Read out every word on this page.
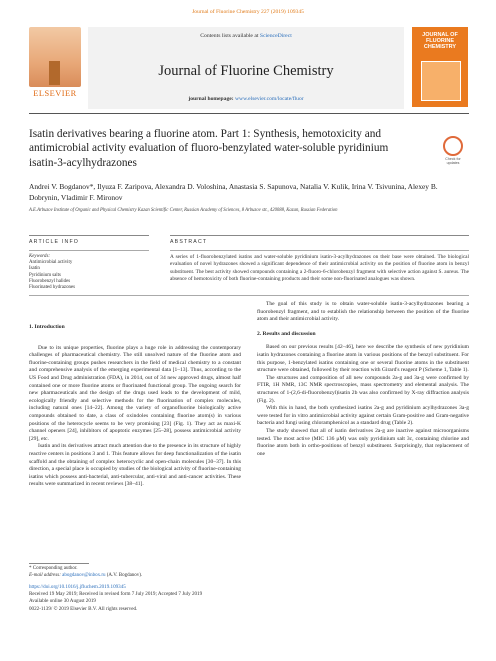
Journal of Fluorine Chemistry 227 (2019) 109345
ELSEVIER
Contents lists available at ScienceDirect
Journal of Fluorine Chemistry
journal homepage: www.elsevier.com/locate/fluor
JOURNAL OF FLUORINE CHEMISTRY
Isatin derivatives bearing a fluorine atom. Part 1: Synthesis, hemotoxicity and antimicrobial activity evaluation of fluoro-benzylated water-soluble pyridinium isatin-3-acylhydrazones	Check for updates
Andrei V. Bogdanov*, Ilyuza F. Zaripova, Alexandra D. Voloshina, Anastasia S. Sapunova, Natalia V. Kulik, Irina V. Tsivunina, Alexey B. Dobrynin, Vladimir F. Mironov
A.E.Arbuzov Institute of Organic and Physical Chemistry Kazan Scientific Center, Russian Academy of Sciences, 8 Arbuzov str., 420088, Kazan, Russian Federation
ARTICLE INFO	ABSTRACT
Keywords:
Antimicrobial activity
Isatin
Pyridinium salts
Fluorobenzyl halides
Fluorinated hydrazones
A series of 1-fluorobenzylated isatins and water-soluble pyridinium isatin-3-acylhydrazones on their base were obtained. The biological evaluation of novel hydrazones showed a significant dependence of their antimicrobial activity on the position of fluorine atom in benzyl substituent. The best activity showed compounds containing a 2-fluoro-6-chlorobenzyl fragment with selective action against S. aureus. The absence of hemotoxicity of both fluorine-containing products and their some non-fluorinated analogues was shown.

1. Introduction

Due to its unique properties, fluorine plays a huge role in addressing the contemporary challenges of pharmaceutical chemistry. The still unsolved nature of the fluorine atom and fluorine-containing groups pushes researchers in the field of medical chemistry to a constant and comprehensive analysis of the emerging experimental data [1–13]. Thus, according to the US Food and Drug administration (FDA), in 2014, out of 34 new approved drugs, almost half contained one or more fluorine atoms or fluorinated functional group. The ongoing search for new pharmaceuticals and the design of the drugs used leads to the development of mild, ecologically friendly and selective methods for the fluorination of complex molecules, including natural ones [14–22]. Among the variety of organofluorine biologically active compounds obtained to date, a class of oxindoles containing fluorine atom(s) in various positions of the heterocycle seems to be very promising [23] (Fig. 1). They act as maxi-K channel openers [24], inhibitors of apoptotic enzymes [25–28], possess antimicrobial activity [29], etc.

Isatin and its derivatives attract much attention due to the presence in its structure of highly reactive centers in positions 3 and 1. This feature allows for deep functionalization of the isatin scaffold and the obtaining of complex heterocyclic and open-chain molecules [30–37]. In this direction, a special place is occupied by studies of the biological activity of fluorine-containing isatins which possess anti-bacterial, anti-tubercular, anti-viral and anti-cancer activities. These results were summarized in recent reviews [38–41].

The goal of this study is to obtain water-soluble isatin-3-acylhydrazones bearing a fluorobenzyl fragment, and to establish the relationship between the position of the fluorine atom and their antimicrobial activity.

2. Results and discussion

Based on our previous results [42–46], here we describe the synthesis of new pyridinium isatin hydrazones containing a fluorine atom in various positions of the benzyl substituent. For this purpose, 1-benzylated isatins containing one or several fluorine atoms in the substituent structure were obtained, followed by their reaction with Girard's reagent P (Scheme 1, Table 1).

The structures and composition of all new compounds 2a-g and 3a-g were confirmed by FTIR, 1H NMR, 13C NMR spectroscopies, mass spectrometry and elemental analysis. The structures of 1-(2,6-di-fluorobenzyl)isatin 2b was also confirmed by X-ray diffraction analysis (Fig. 2).

With this in hand, the both synthesized isatins 2a-g and pyridinium acylhydrazones 3a-g were tested for in vitro antimicrobial activity against certain Gram-positive and Gram-negative bacteria and fungi using chloramphenicol as a standard drug (Table 2).

The study showed that all of isatin derivatives 2a-g are inactive against microorganisms tested. The most active (MIC 136 μM) was only pyridinium salt 3c, containing chlorine and fluorine atom both in ortho-positions of benzyl substituent. Surprisingly, that replacement of one

* Corresponding author.
E-mail address: abogdanov@inbox.ru (A.V. Bogdanov).
https://doi.org/10.1016/j.jfluchem.2019.109345
Received 19 May 2019; Received in revised form 7 July 2019; Accepted 7 July 2019
Available online 30 August 2019
0022-1139/ © 2019 Elsevier B.V. All rights reserved.
